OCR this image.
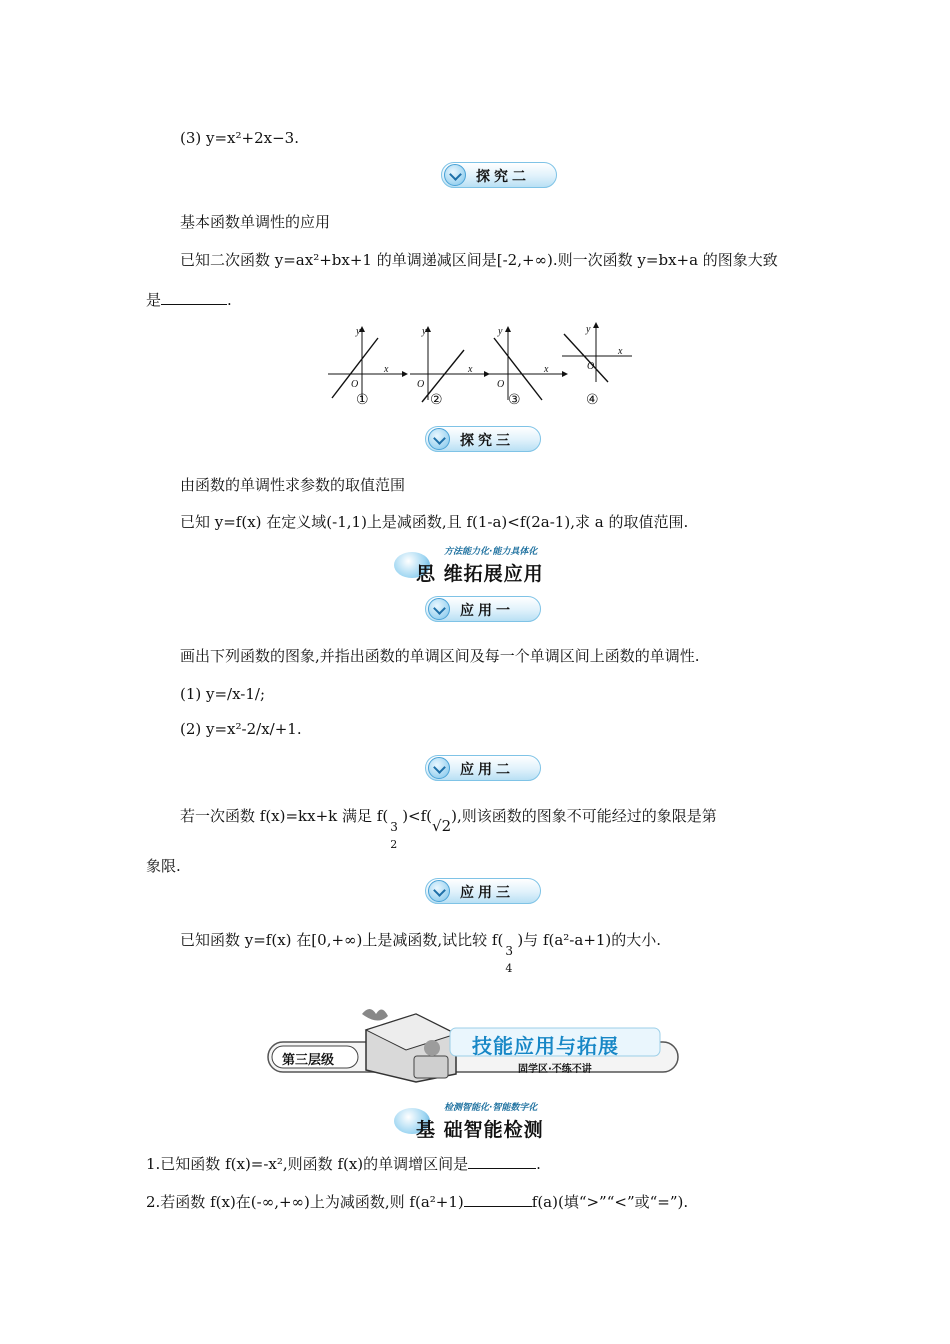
(3) y=x²+2x−3.
探究二
基本函数单调性的应用
已知二次函数 y=ax²+bx+1 的单调递减区间是[-2,+∞).则一次函数 y=bx+a 的图象大致
是	.
y
x
O
y
x
O
y
x
O
y
x
O
①	②	③	④
探究三
由函数的单调性求参数的取值范围
已知 y=f(x) 在定义域(-1,1)上是减函数,且 f(1-a)<f(2a-1),求 a 的取值范围.
方法能力化·能力具体化
思 维拓展应用
应用一
画出下列函数的图象,并指出函数的单调区间及每一个单调区间上函数的单调性.
(1) y=/x-1/;
(2) y=x²-2/x/+1.
应用二
若一次函数 f(x)=kx+k 满足 f(
3
2
)<f(√2),则该函数的图象不可能经过的象限是第
象限.
应用三
已知函数 y=f(x) 在[0,+∞)上是减函数,试比较 f(
3
4
)与 f(a²-a+1)的大小.
第三层级
技能应用与拓展
固学区·不练不讲
检测智能化·智能数字化
基 础智能检测
1.已知函数 f(x)=-x²,则函数 f(x)的单调增区间是	.
2.若函数 f(x)在(-∞,+∞)上为减函数,则 f(a²+1)	f(a)(填“>”“<”或“=”).
